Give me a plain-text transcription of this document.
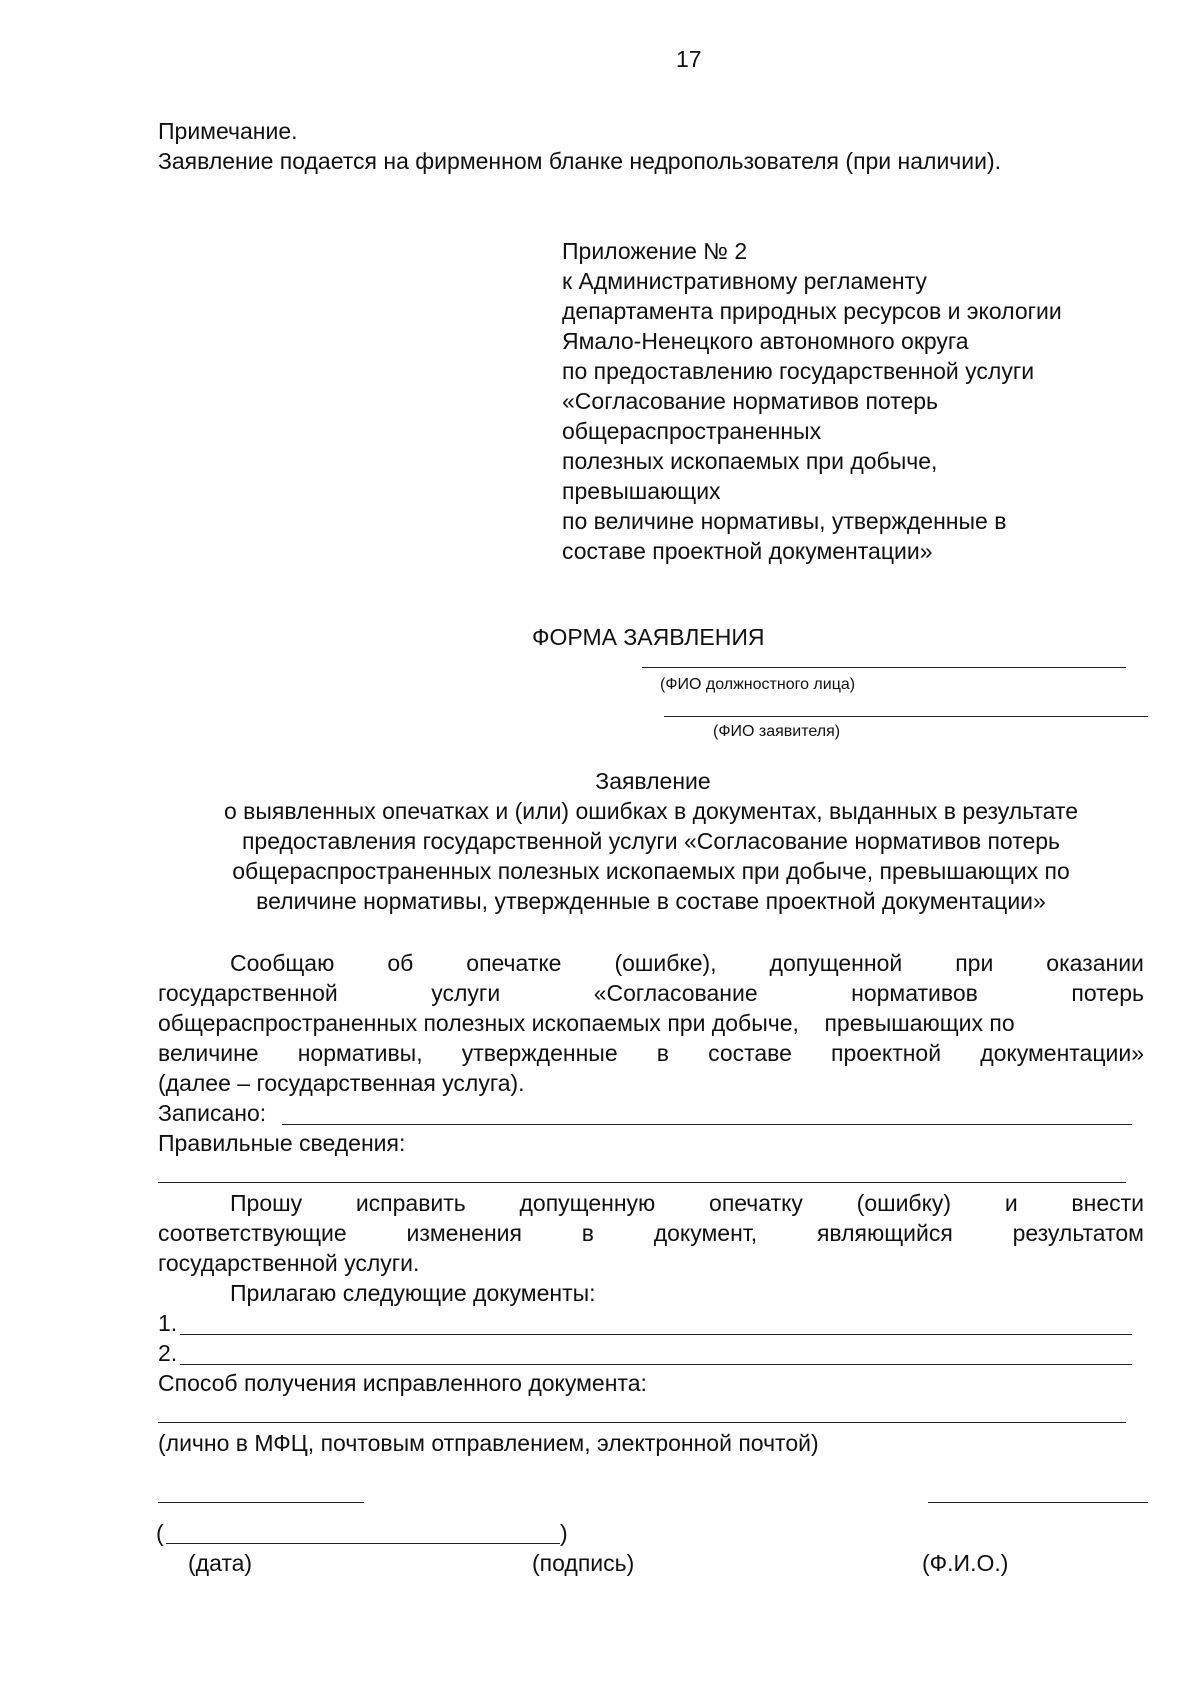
17
Примечание.
Заявление подается на фирменном бланке недропользователя (при наличии).
Приложение № 2
к Административному регламенту
департамента природных ресурсов и экологии
Ямало-Ненецкого автономного округа
по предоставлению государственной услуги
«Согласование нормативов потерь
общераспространенных
полезных ископаемых при добыче,
превышающих
по величине нормативы, утвержденные в
составе проектной документации»
ФОРМА ЗАЯВЛЕНИЯ
(ФИО должностного лица)
(ФИО заявителя)
Заявление
о выявленных опечатках и (или) ошибках в документах, выданных в результате
предоставления государственной услуги «Согласование нормативов потерь
общераспространенных полезных ископаемых при добыче, превышающих по
величине нормативы, утвержденные в составе проектной документации»
Сообщаю об опечатке (ошибке), допущенной при оказании
государственной	услуги	«Согласование	нормативов	потерь
общераспространенных полезных ископаемых при добыче,    превышающих по
величине нормативы, утвержденные в составе проектной документации»
(далее – государственная услуга).
Записано:
Правильные сведения:
Прошу исправить допущенную опечатку (ошибку) и внести
соответствующие	изменения	в	документ,	являющийся	результатом
государственной услуги.
Прилагаю следующие документы:
1.
2.
Способ получения исправленного документа:
(лично в МФЦ, почтовым отправлением, электронной почтой)
(	)
(дата)	(подпись)	(Ф.И.О.)
